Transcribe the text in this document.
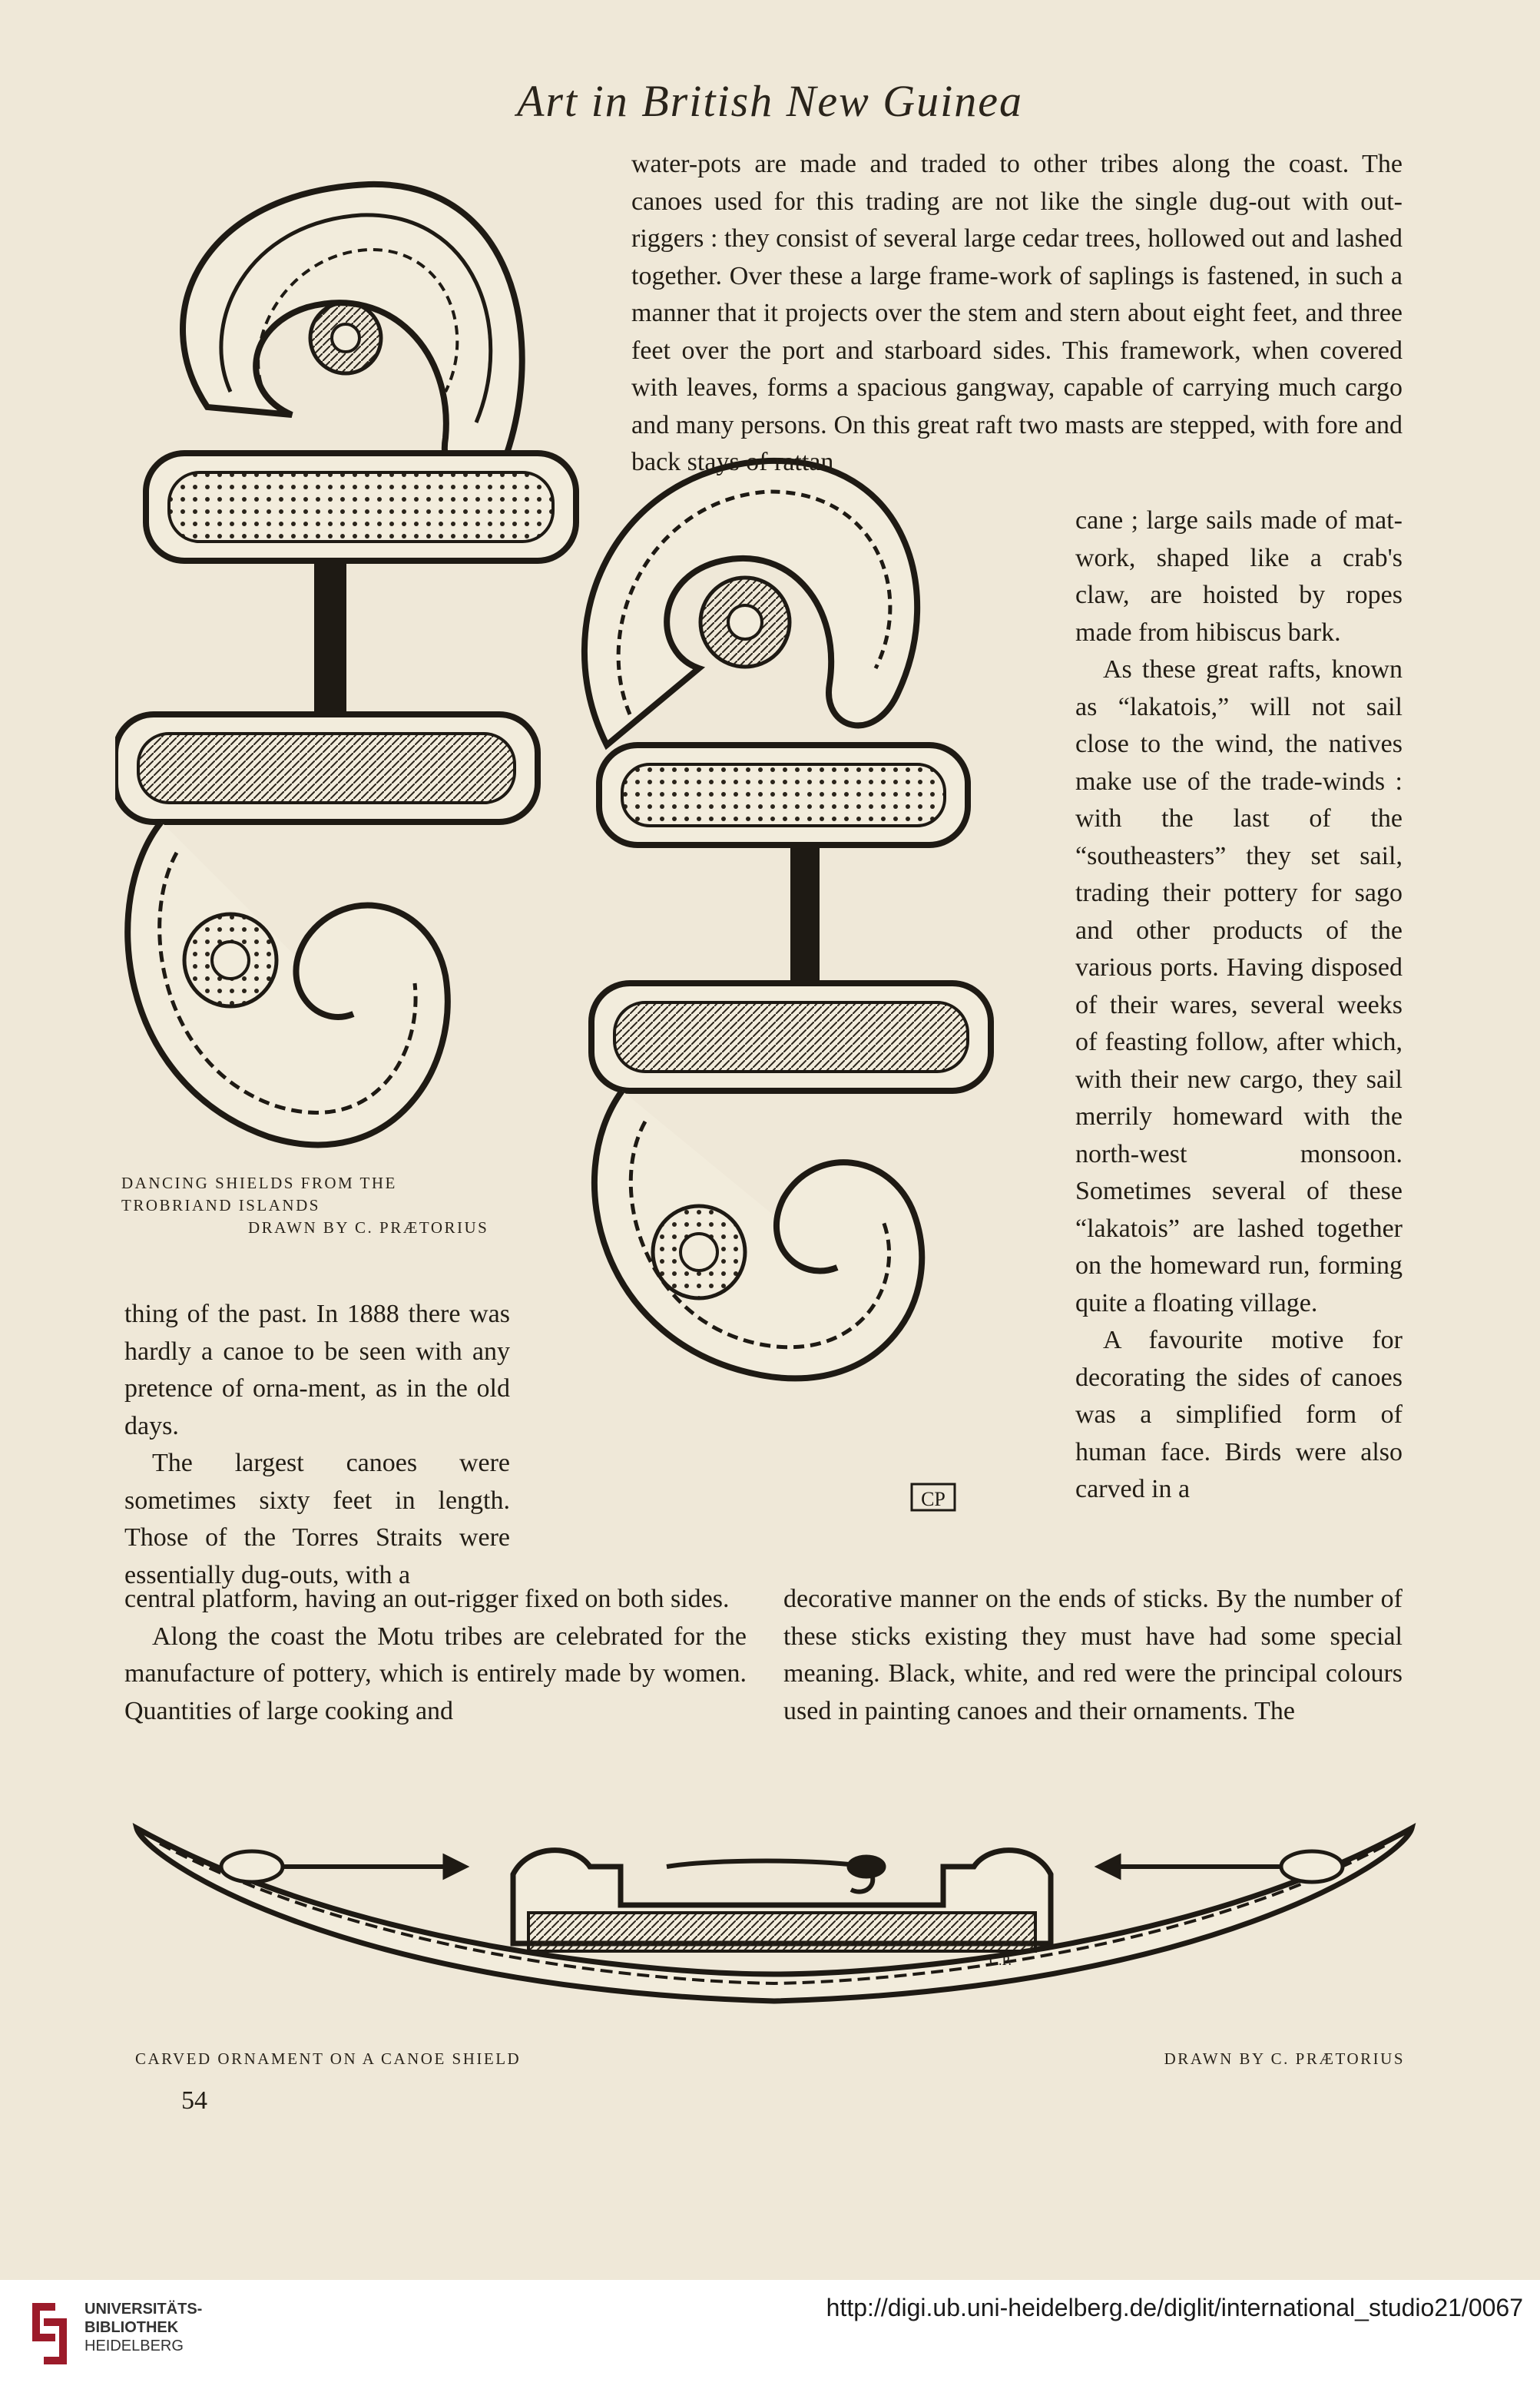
Art in British New Guinea
CP
DANCING SHIELDS FROM THE
TROBRIAND ISLANDS
DRAWN BY C. PRÆTORIUS

water-pots are made and traded to other tribes along the coast. The canoes used for this trading are not like the single dug-out with out-riggers : they consist of several large cedar trees, hollowed out and lashed together. Over these a large frame-work of saplings is fastened, in such a manner that it projects over the stem and stern about eight feet, and three feet over the port and starboard sides. This framework, when covered with leaves, forms a spacious gangway, capable of carrying much cargo and many persons. On this great raft two masts are stepped, with fore and back stays of rattan

cane ; large sails made of mat-work, shaped like a crab's claw, are hoisted by ropes made from hibiscus bark.

As these great rafts, known as “lakatois,” will not sail close to the wind, the natives make use of the trade-winds : with the last of the “southeasters” they set sail, trading their pottery for sago and other products of the various ports. Having disposed of their wares, several weeks of feasting follow, after which, with their new cargo, they sail merrily homeward with the north-west monsoon. Sometimes several of these “lakatois” are lashed together on the homeward run, forming quite a floating village.

A favourite motive for decorating the sides of canoes was a simplified form of human face. Birds were also carved in a

thing of the past. In 1888 there was hardly a canoe to be seen with any pretence of orna-ment, as in the old days.

The largest canoes were sometimes sixty feet in length. Those of the Torres Straits were essentially dug-outs, with a

central platform, having an out-rigger fixed on both sides.

Along the coast the Motu tribes are celebrated for the manufacture of pottery, which is entirely made by women. Quantities of large cooking and

decorative manner on the ends of sticks. By the number of these sticks existing they must have had some special meaning. Black, white, and red were the principal colours used in painting canoes and their ornaments. The

C.P.
CARVED ORNAMENT ON A CANOE SHIELD	DRAWN BY C. PRÆTORIUS
54
UNIVERSITÄTS-
BIBLIOTHEK
HEIDELBERG
http://digi.ub.uni-heidelberg.de/diglit/international_studio21/0067
